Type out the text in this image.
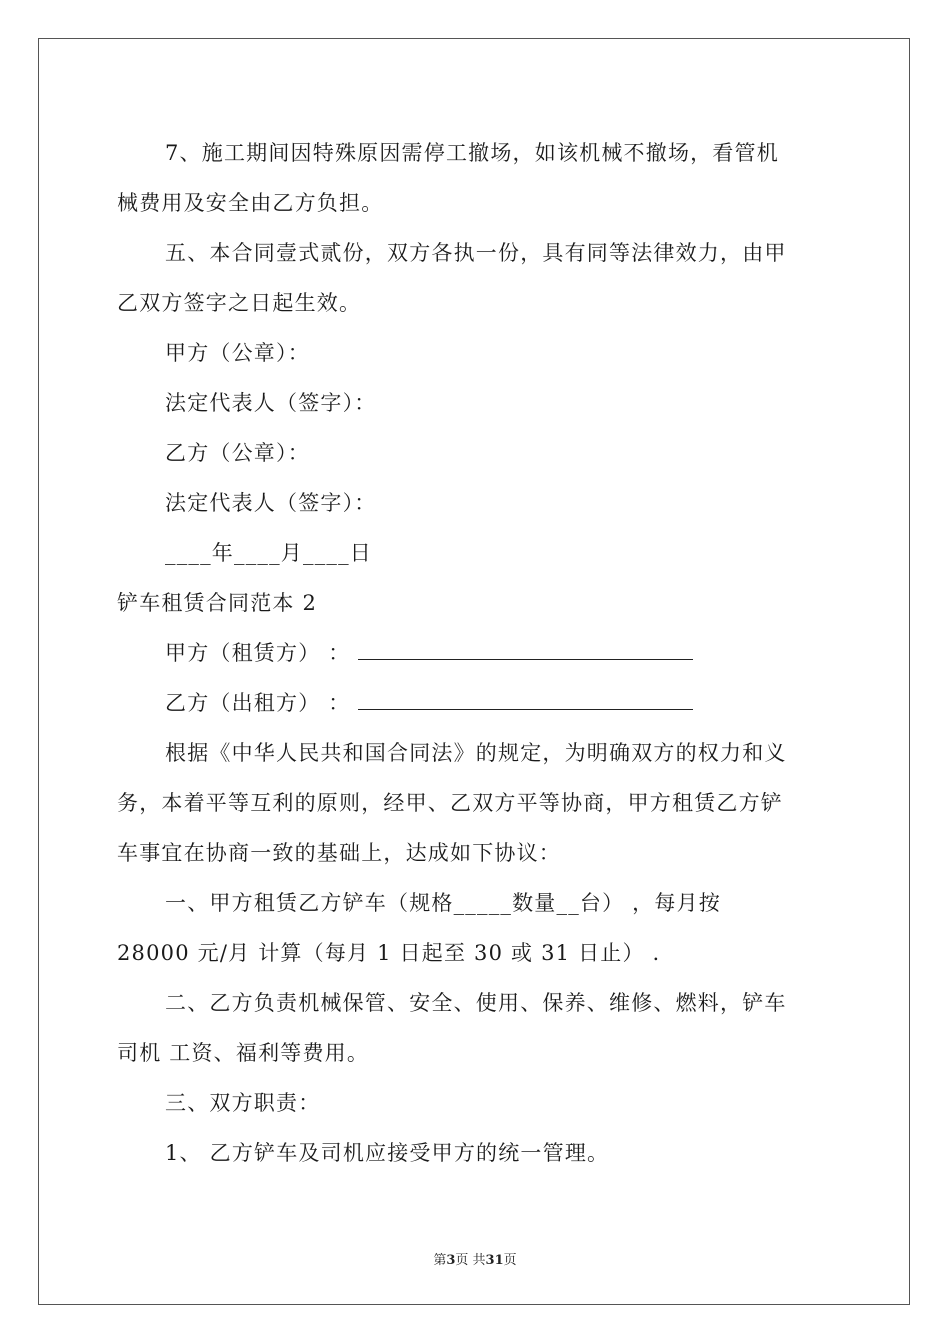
7、施工期间因特殊原因需停工撤场，如该机械不撤场，看管机
械费用及安全由乙方负担。
五、本合同壹式贰份，双方各执一份，具有同等法律效力，由甲
乙双方签字之日起生效。
甲方（公章）：
法定代表人（签字）：
乙方（公章）：
法定代表人（签字）：
____年____月____日
铲车租赁合同范本 2
甲方（租赁方） ：
乙方（出租方） ：
根据《中华人民共和国合同法》的规定，为明确双方的权力和义
务，本着平等互利的原则，经甲、乙双方平等协商，甲方租赁乙方铲
车事宜在协商一致的基础上，达成如下协议：
一、甲方租赁乙方铲车（规格_____数量__台） ，每月按
28000 元/月 计算（每月 1 日起至 30 或 31 日止） .
二、乙方负责机械保管、安全、使用、保养、维修、燃料，铲车
司机 工资、福利等费用。
三、双方职责：
1、 乙方铲车及司机应接受甲方的统一管理。
第3页 共31页
